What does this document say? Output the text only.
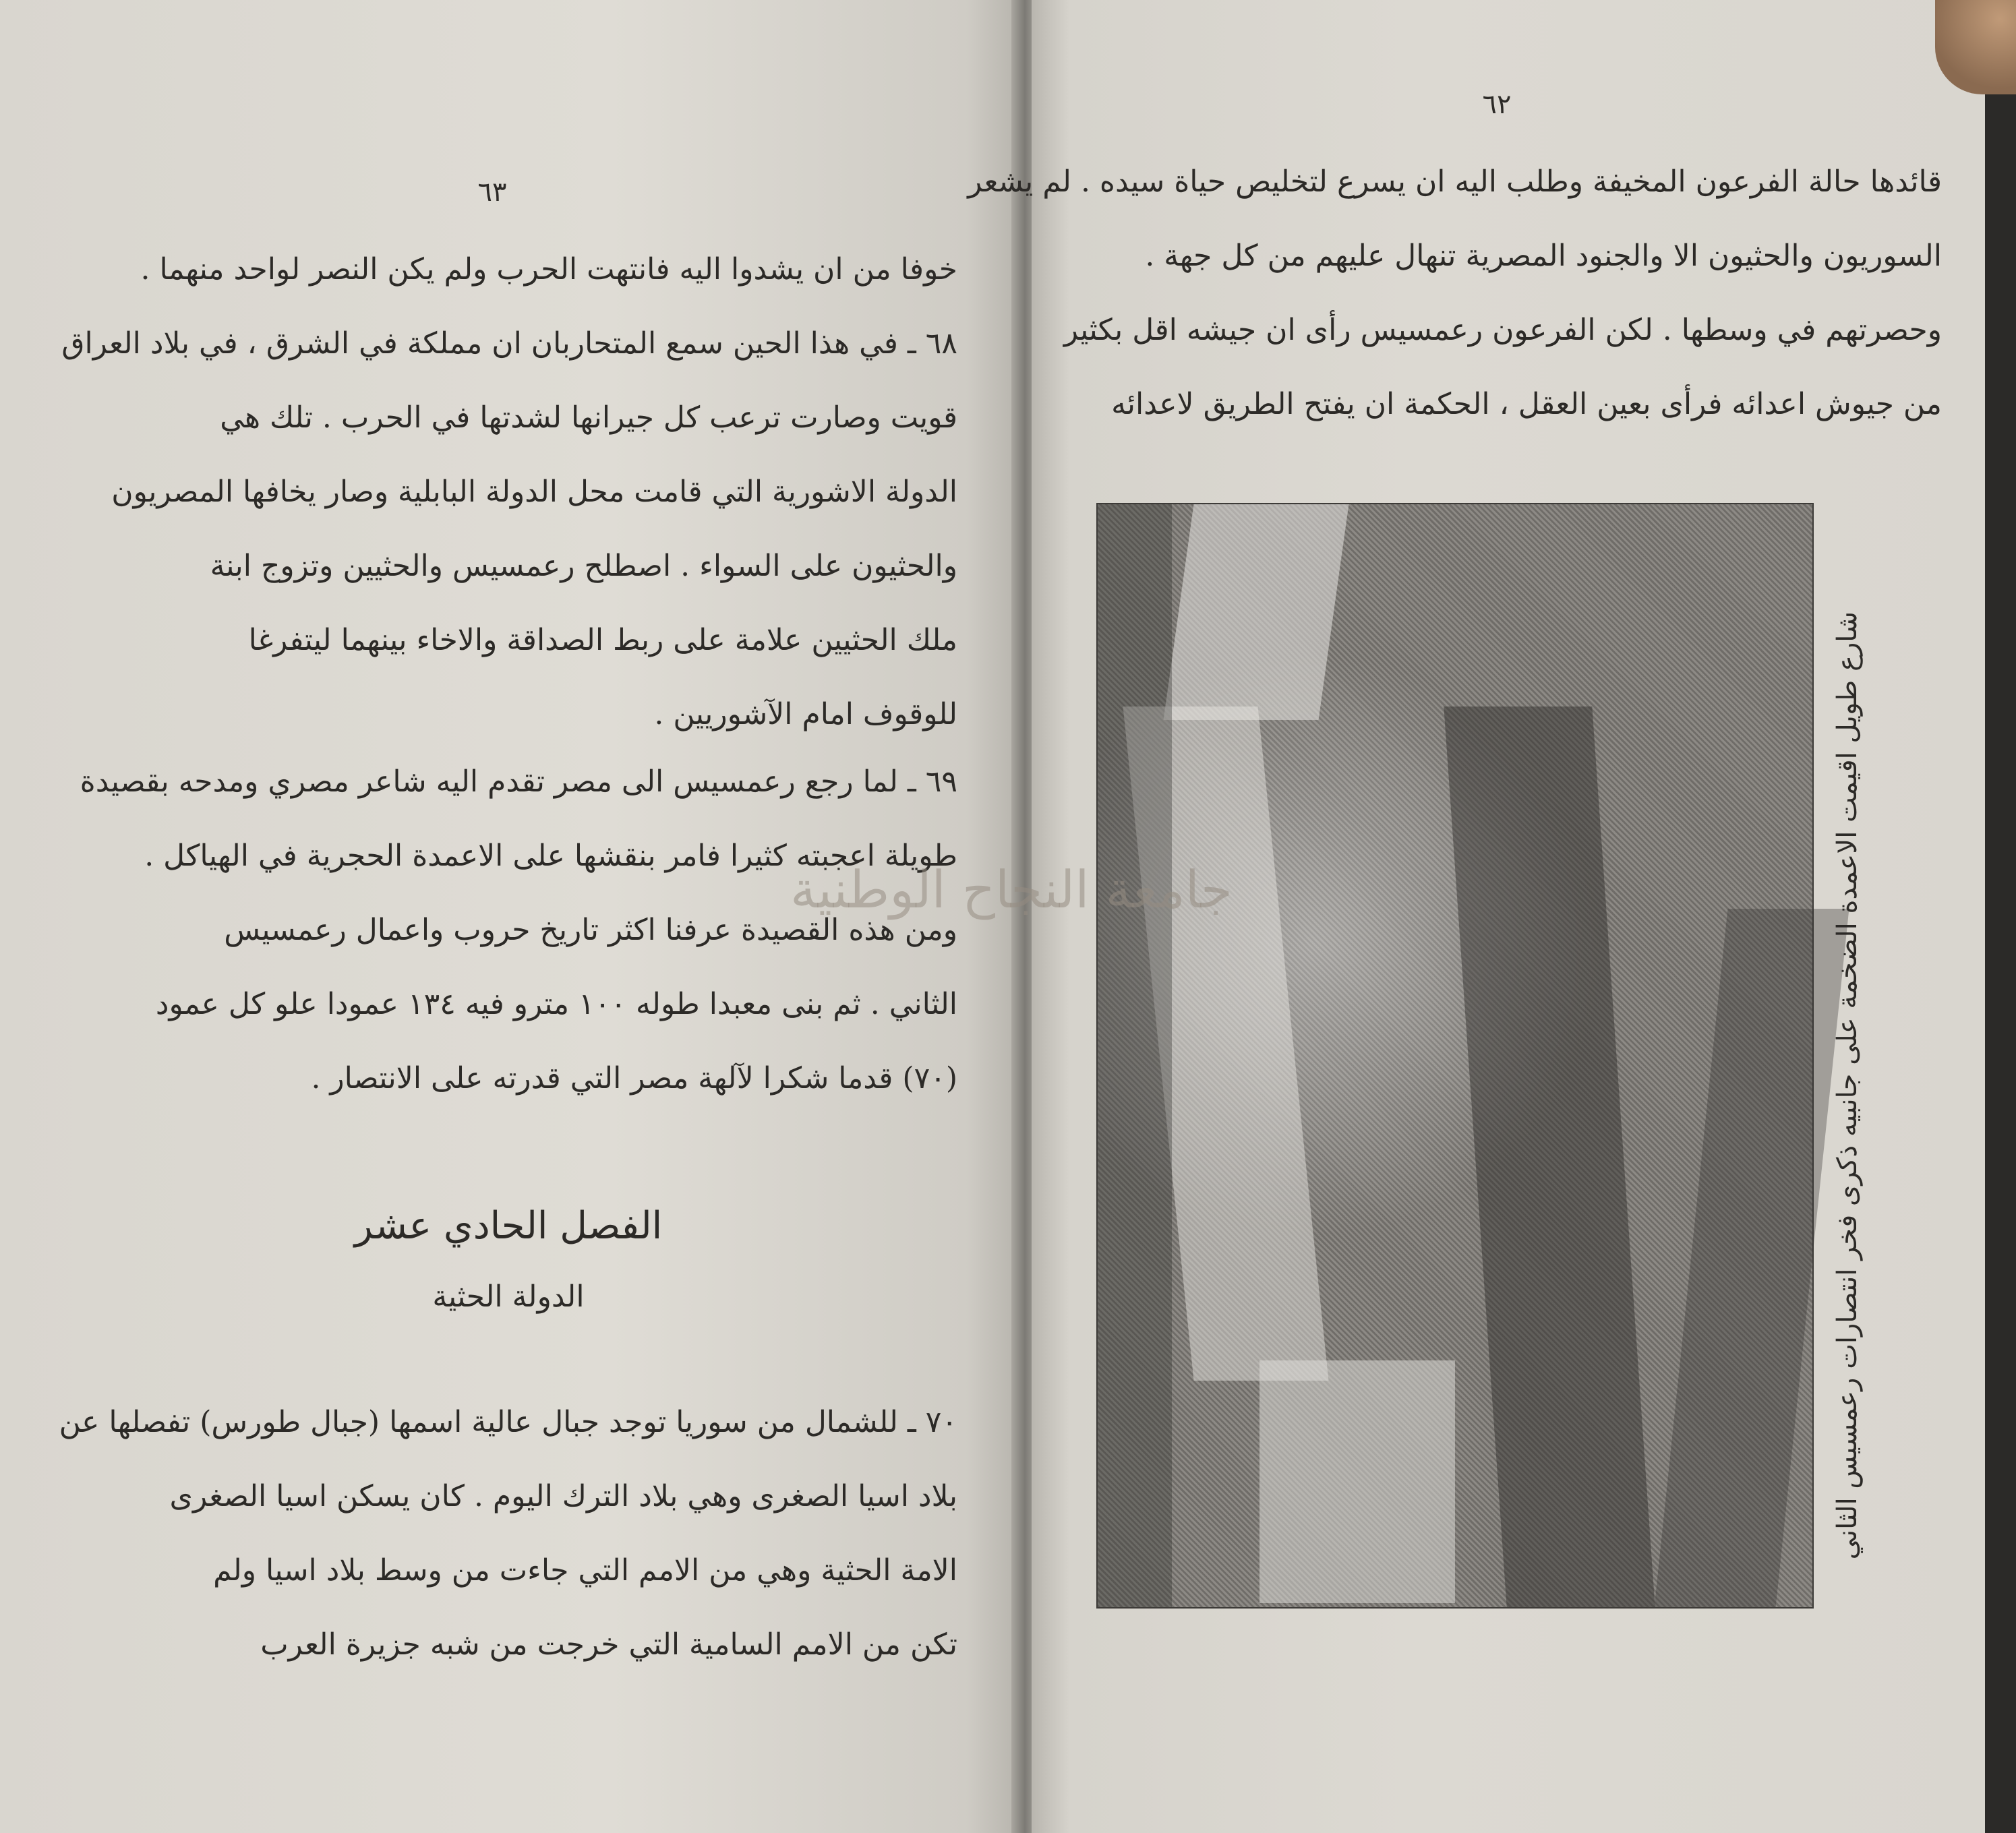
٦٣
خوفا من ان يشدوا اليه فانتهت الحرب ولم يكن النصر لواحد منهما .
٦٨ ـ في هذا الحين سمع المتحاربان ان مملكة في الشرق ، في بلاد العراق
قويت وصارت ترعب كل جيرانها لشدتها في الحرب . تلك هي
الدولة الاشورية التي قامت محل الدولة البابلية وصار يخافها المصريون
والحثيون على السواء . اصطلح رعمسيس والحثيين وتزوج ابنة
ملك الحثيين علامة على ربط الصداقة والاخاء بينهما ليتفرغا
للوقوف امام الآشوريين .
٦٩ ـ لما رجع رعمسيس الى مصر تقدم اليه شاعر مصري ومدحه بقصيدة
طويلة اعجبته كثيرا فامر بنقشها على الاعمدة الحجرية في الهياكل .
ومن هذه القصيدة عرفنا اكثر تاريخ حروب واعمال رعمسيس
الثاني . ثم بنى معبدا طوله ١٠٠ مترو فيه ١٣٤ عمودا علو كل عمود
(٧٠) قدما شكرا لآلهة مصر التي قدرته على الانتصار .
الفصل الحادي عشر
الدولة الحثية
٧٠ ـ للشمال من سوريا توجد جبال عالية اسمها (جبال طورس) تفصلها عن
بلاد اسيا الصغرى وهي بلاد الترك اليوم . كان يسكن اسيا الصغرى
الامة الحثية وهي من الامم التي جاءت من وسط بلاد اسيا ولم
تكن من الامم السامية التي خرجت من شبه جزيرة العرب
٦٢
قائدها حالة الفرعون المخيفة وطلب اليه ان يسرع لتخليص حياة سيده . لم يشعر
السوريون والحثيون الا والجنود المصرية تنهال عليهم من كل جهة .
وحصرتهم في وسطها . لكن الفرعون رعمسيس رأى ان جيشه اقل بكثير
من جيوش اعدائه فرأى بعين العقل ، الحكمة ان يفتح الطريق لاعدائه
شارع طويل اقيمت الاعمدة الضخمة على جانبيه ذكرى فخر انتصارات رعمسيس الثاني
جامعة النجاح الوطنية
